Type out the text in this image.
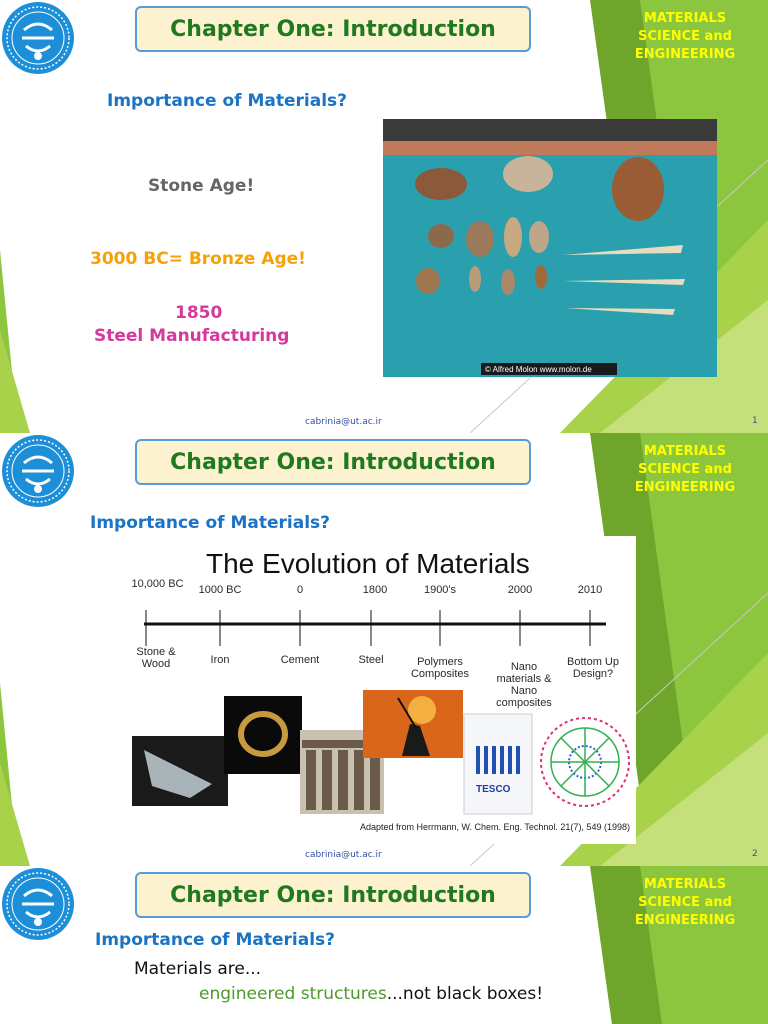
Chapter One: Introduction	MATERIALS
SCIENCE and
ENGINEERING
Importance of Materials?
Stone Age!
3000 BC= Bronze Age!
1850
Steel Manufacturing
© Alfred Molon www.molon.de
cabrinia@ut.ac.ir	1
Chapter One: Introduction	MATERIALS
SCIENCE and
ENGINEERING
Importance of Materials?
The Evolution of Materials
10,000 BC	1000 BC	0	1800	1900's	2000	2010
Stone & Wood	Iron	Cement	Steel	Polymers Composites
Nano materials & Nano composites
Bottom Up Design?
TESCO
Adapted from Herrmann, W. Chem. Eng. Technol. 21(7), 549 (1998)
cabrinia@ut.ac.ir	2
Chapter One: Introduction	MATERIALS
SCIENCE and
ENGINEERING
Importance of Materials?
Materials are...
engineered structures...not black boxes!
